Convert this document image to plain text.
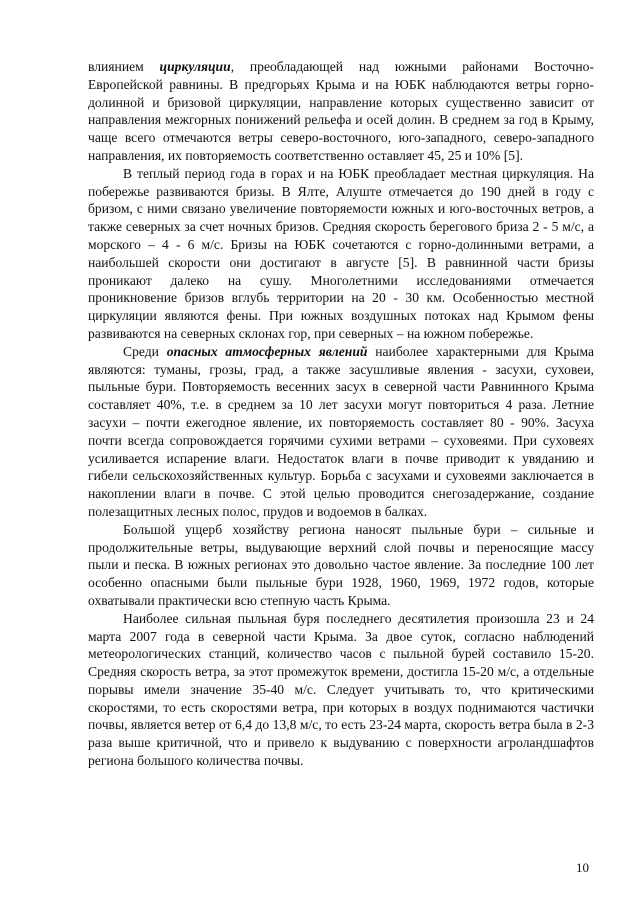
влиянием циркуляции, преобладающей над южными районами Восточно-Европейской равнины. В предгорьях Крыма и на ЮБК наблюдаются ветры горно-долинной и бризовой циркуляции, направление которых существенно зависит от направления межгорных понижений рельефа и осей долин. В среднем за год в Крыму, чаще всего отмечаются ветры северо-восточного, юго-западного, северо-западного направления, их повторяемость соответственно оставляет 45, 25 и 10% [5].

В теплый период года в горах и на ЮБК преобладает местная циркуляция. На побережье развиваются бризы. В Ялте, Алуште отмечается до 190 дней в году с бризом, с ними связано увеличение повторяемости южных и юго-восточных ветров, а также северных за счет ночных бризов. Средняя скорость берегового бриза 2 - 5 м/с, а морского – 4 - 6 м/с. Бризы на ЮБК сочетаются с горно-долинными ветрами, а наибольшей скорости они достигают в августе [5]. В равнинной части бризы проникают далеко на сушу. Многолетними исследованиями отмечается проникновение бризов вглубь территории на 20 - 30 км. Особенностью местной циркуляции являются фены. При южных воздушных потоках над Крымом фены развиваются на северных склонах гор, при северных – на южном побережье.

Среди опасных атмосферных явлений наиболее характерными для Крыма являются: туманы, грозы, град, а также засушливые явления - засухи, суховеи, пыльные бури. Повторяемость весенних засух в северной части Равнинного Крыма составляет 40%, т.е. в среднем за 10 лет засухи могут повториться 4 раза. Летние засухи – почти ежегодное явление, их повторяемость составляет 80 - 90%. Засуха почти всегда сопровождается горячими сухими ветрами – суховеями. При суховеях усиливается испарение влаги. Недостаток влаги в почве приводит к увяданию и гибели сельскохозяйственных культур. Борьба с засухами и суховеями заключается в накоплении влаги в почве. С этой целью проводится снегозадержание, создание полезащитных лесных полос, прудов и водоемов в балках.

Большой ущерб хозяйству региона наносят пыльные бури – сильные и продолжительные ветры, выдувающие верхний слой почвы и переносящие массу пыли и песка. В южных регионах это довольно частое явление. За последние 100 лет особенно опасными были пыльные бури 1928, 1960, 1969, 1972 годов, которые охватывали практически всю степную часть Крыма.

Наиболее сильная пыльная буря последнего десятилетия произошла 23 и 24 марта 2007 года в северной части Крыма. За двое суток, согласно наблюдений метеорологических станций, количество часов с пыльной бурей составило 15-20. Средняя скорость ветра, за этот промежуток времени, достигла 15-20 м/с, а отдельные порывы имели значение 35-40 м/с. Следует учитывать то, что критическими скоростями, то есть скоростями ветра, при которых в воздух поднимаются частички почвы, является ветер от 6,4 до 13,8 м/с, то есть 23-24 марта, скорость ветра была в 2-3 раза выше критичной, что и привело к выдуванию с поверхности агроландшафтов региона большого количества почвы.

10
